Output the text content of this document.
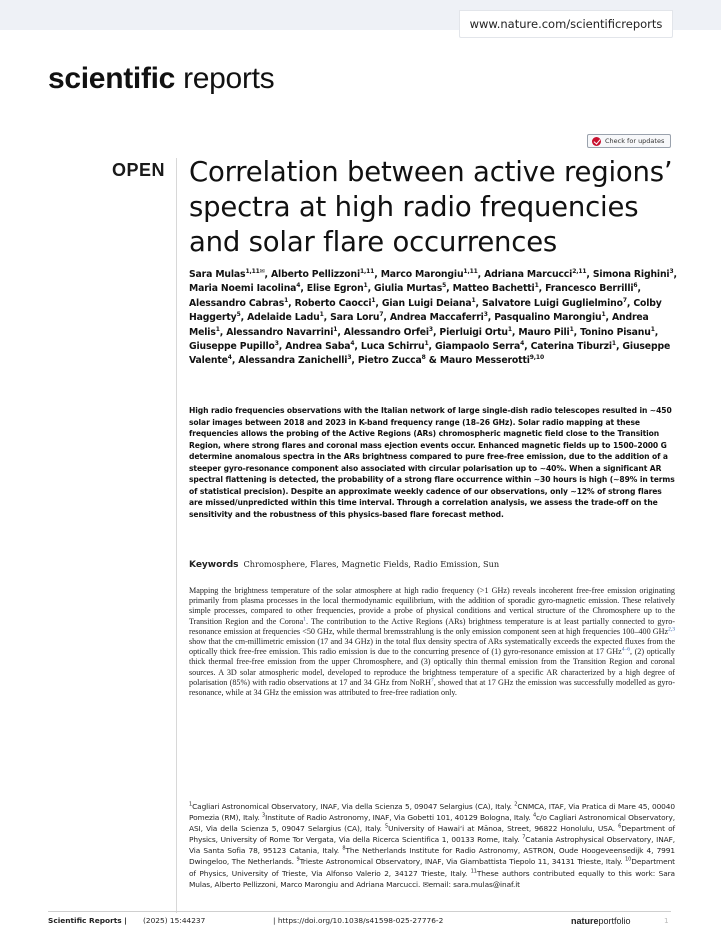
www.nature.com/scientificreports
scientific reports
Check for updates
OPEN Correlation between active regions’ spectra at high radio frequencies and solar flare occurrences
Sara Mulas$^{1,11✉}$, Alberto Pellizzoni$^{1,11}$, Marco Marongiu$^{1,11}$, Adriana Marcucci$^{2,11}$, Simona Righini$^3$, Maria Noemi Iacolina$^4$, Elise Egron$^1$, Giulia Murtas$^5$, Matteo Bachetti$^1$, Francesco Berrilli$^6$, Alessandro Cabras$^1$, Roberto Caocci$^1$, Gian Luigi Deiana$^1$, Salvatore Luigi Guglielmino$^7$, Colby Haggerty$^5$, Adelaide Ladu$^1$, Sara Loru$^7$, Andrea Maccaferri$^3$, Pasqualino Marongiu$^1$, Andrea Melis$^1$, Alessandro Navarrini$^1$, Alessandro Orfei$^3$, Pierluigi Ortu$^1$, Mauro Pili$^1$, Tonino Pisanu$^1$, Giuseppe Pupillo$^3$, Andrea Saba$^4$, Luca Schirru$^1$, Giampaolo Serra$^4$, Caterina Tiburzi$^1$, Giuseppe Valente$^4$, Alessandra Zanichelli$^3$, Pietro Zucca$^8$ & Mauro Messerotti$^{9,10}$
High radio frequencies observations with the Italian network of large single-dish radio telescopes resulted in ∼450 solar images between 2018 and 2023 in K-band frequency range (18–26 GHz). Solar radio mapping at these frequencies allows the probing of the Active Regions (ARs) chromospheric magnetic field close to the Transition Region, where strong flares and coronal mass ejection events occur. Enhanced magnetic fields up to 1500–2000 G determine anomalous spectra in the ARs brightness compared to pure free-free emission, due to the addition of a steeper gyro-resonance component also associated with circular polarisation up to ∼40%. When a significant AR spectral flattening is detected, the probability of a strong flare occurrence within ∼30 hours is high (∼89% in terms of statistical precision). Despite an approximate weekly cadence of our observations, only ∼12% of strong flares are missed/unpredicted within this time interval. Through a correlation analysis, we assess the trade-off on the sensitivity and the robustness of this physics-based flare forecast method.
Keywords Chromosphere, Flares, Magnetic Fields, Radio Emission, Sun
Mapping the brightness temperature of the solar atmosphere at high radio frequency (>1 GHz) reveals incoherent free-free emission originating primarily from plasma processes in the local thermodynamic equilibrium, with the addition of sporadic gyro-magnetic emission. These relatively simple processes, compared to other frequencies, provide a probe of physical conditions and vertical structure of the Chromosphere up to the Transition Region and the Corona$^1$. The contribution to the Active Regions (ARs) brightness temperature is at least partially connected to gyro-resonance emission at frequencies <50 GHz, while thermal bremsstrahlung is the only emission component seen at high frequencies 100–400 GHz$^{2,3}$ show that the cm-millimetric emission (17 and 34 GHz) in the total flux density spectra of ARs systematically exceeds the expected fluxes from the optically thick free-free emission. This radio emission is due to the concurring presence of (1) gyro-resonance emission at 17 GHz$^{4-6}$, (2) optically thick thermal free-free emission from the upper Chromosphere, and (3) optically thin thermal emission from the Transition Region and coronal sources. A 3D solar atmospheric model, developed to reproduce the brightness temperature of a specific AR characterized by a high degree of polarisation (85%) with radio observations at 17 and 34 GHz from NoRH$^7$, showed that at 17 GHz the emission was successfully modelled as gyro-resonance, while at 34 GHz the emission was attributed to free-free radiation only.
$^1$Cagliari Astronomical Observatory, INAF, Via della Scienza 5, 09047 Selargius (CA), Italy. $^2$CNMCA, ITAF, Via Pratica di Mare 45, 00040 Pomezia (RM), Italy. $^3$Institute of Radio Astronomy, INAF, Via Gobetti 101, 40129 Bologna, Italy. $^4$c/o Cagliari Astronomical Observatory, ASI, Via della Scienza 5, 09047 Selargius (CA), Italy. $^5$University of Hawai‘i at Mānoa, Street, 96822 Honolulu, USA. $^6$Department of Physics, University of Rome Tor Vergata, Via della Ricerca Scientifica 1, 00133 Rome, Italy. $^7$Catania Astrophysical Observatory, INAF, Via Santa Sofia 78, 95123 Catania, Italy. $^8$The Netherlands Institute for Radio Astronomy, ASTRON, Oude Hoogeveensedijk 4, 7991 Dwingeloo, The Netherlands. $^9$Trieste Astronomical Observatory, INAF, Via Giambattista Tiepolo 11, 34131 Trieste, Italy. $^{10}$Department of Physics, University of Trieste, Via Alfonso Valerio 2, 34127 Trieste, Italy. $^{11}$These authors contributed equally to this work: Sara Mulas, Alberto Pellizzoni, Marco Marongiu and Adriana Marcucci. ✉email: sara.mulas@inaf.it
Scientific Reports | (2025) 15:44237	| https://doi.org/10.1038/s41598-025-27776-2	natureportfolio	1
